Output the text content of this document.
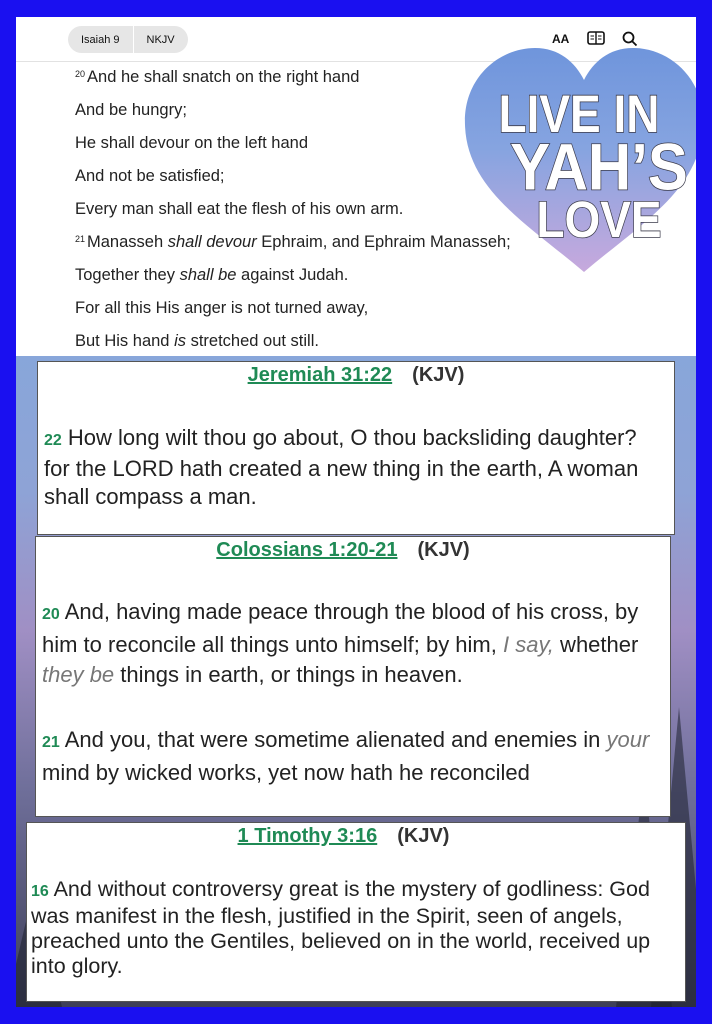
Isaiah 9	NKJV	AA
$^{20}$ And he shall snatch on the right hand
And be hungry;
He shall devour on the left hand
And not be satisfied;
Every man shall eat the flesh of his own arm.
$^{21}$ Manasseh shall devour Ephraim, and Ephraim Manasseh;
Together they shall be against Judah.
For all this His anger is not turned away,
But His hand is stretched out still.
LIVE IN
YAH’S
LOVE
Jeremiah 31:22 (KJV)
22 How long wilt thou go about, O thou backsliding daughter? for the LORD hath created a new thing in the earth, A woman shall compass a man.
Colossians 1:20-21 (KJV)
20 And, having made peace through the blood of his cross, by him to reconcile all things unto himself; by him, I say, whether they be things in earth, or things in heaven.
21 And you, that were sometime alienated and enemies in your mind by wicked works, yet now hath he reconciled
1 Timothy 3:16 (KJV)
16 And without controversy great is the mystery of godliness: God was manifest in the flesh, justified in the Spirit, seen of angels, preached unto the Gentiles, believed on in the world, received up into glory.
